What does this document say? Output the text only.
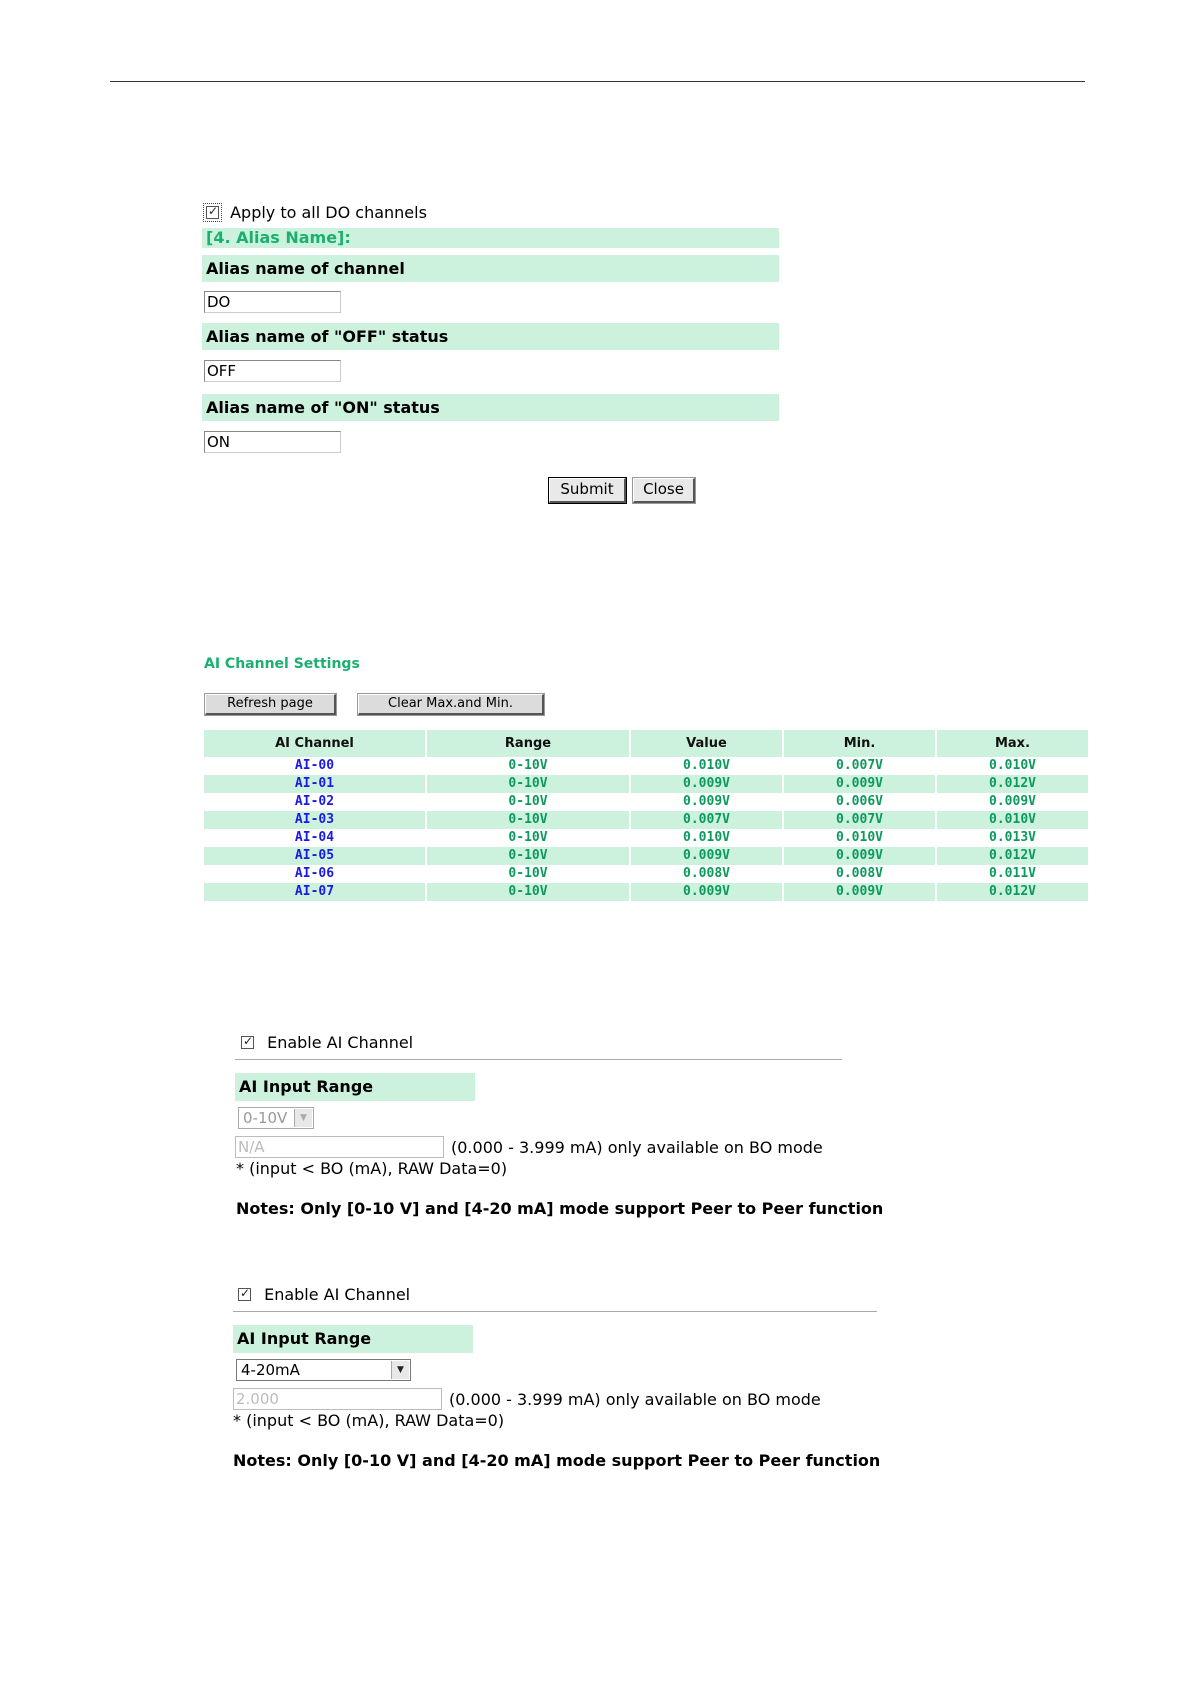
✓ Apply to all DO channels
[4. Alias Name]:
Alias name of channel
DO
Alias name of "OFF" status
OFF
Alias name of "ON" status
ON
Submit	Close
AI Channel Settings
Refresh page	Clear Max.and Min.
AI Channel	Range	Value	Min.	Max.
AI-00	0-10V	0.010V	0.007V	0.010V
AI-01	0-10V	0.009V	0.009V	0.012V
AI-02	0-10V	0.009V	0.006V	0.009V
AI-03	0-10V	0.007V	0.007V	0.010V
AI-04	0-10V	0.010V	0.010V	0.013V
AI-05	0-10V	0.009V	0.009V	0.012V
AI-06	0-10V	0.008V	0.008V	0.011V
AI-07	0-10V	0.009V	0.009V	0.012V
✓ Enable AI Channel
AI Input Range
0-10V	▼
N/A	(0.000 - 3.999 mA) only available on BO mode
* (input < BO (mA), RAW Data=0)
Notes: Only [0-10 V] and [4-20 mA] mode support Peer to Peer function
✓ Enable AI Channel
AI Input Range
4-20mA	▼
2.000	(0.000 - 3.999 mA) only available on BO mode
* (input < BO (mA), RAW Data=0)
Notes: Only [0-10 V] and [4-20 mA] mode support Peer to Peer function
